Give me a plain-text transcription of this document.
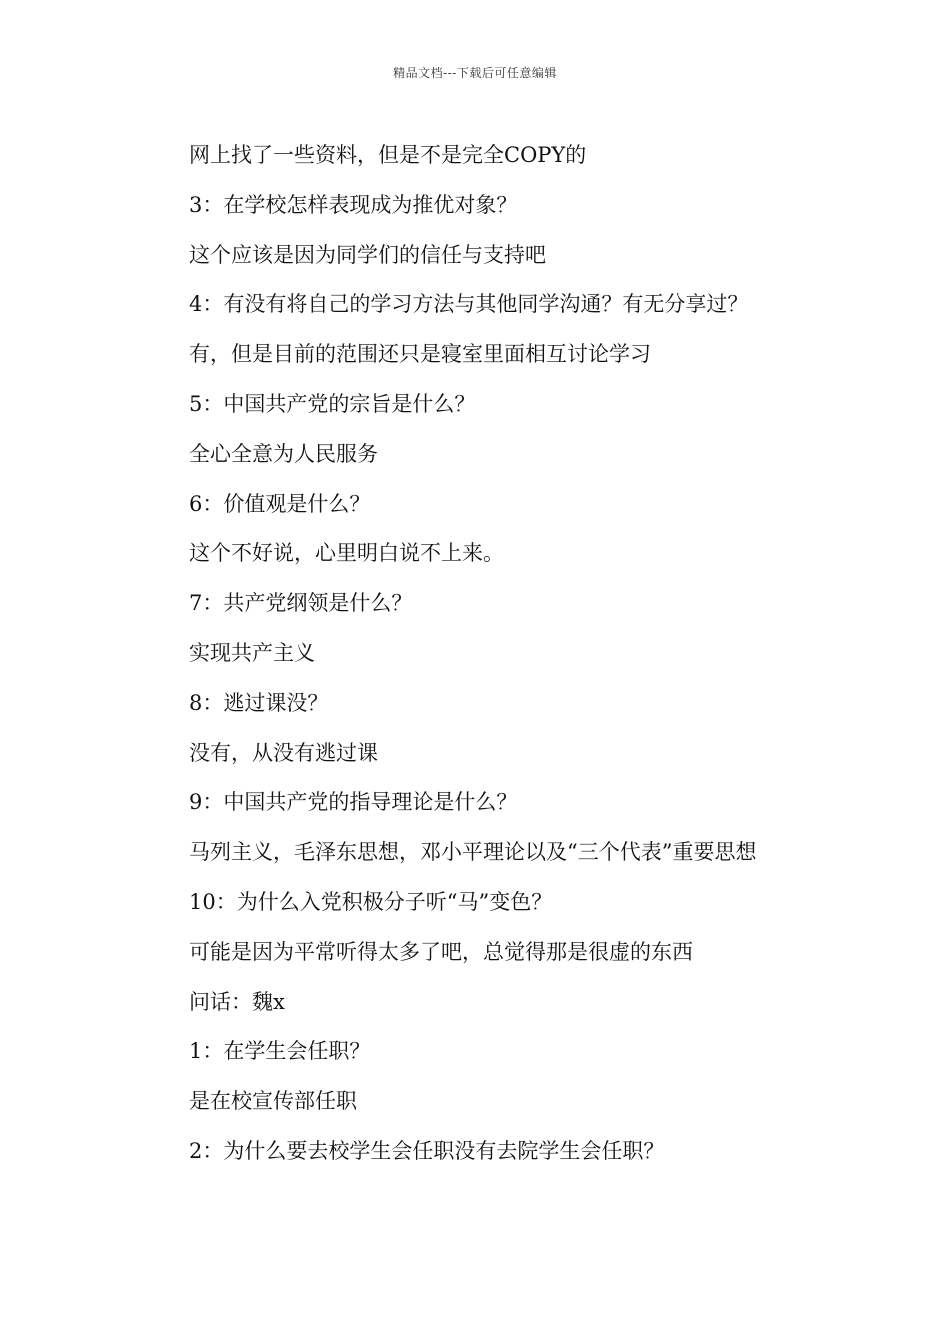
精品文档---下载后可任意编辑

网上找了一些资料，但是不是完全COPY的

3：在学校怎样表现成为推优对象？

这个应该是因为同学们的信任与支持吧

4：有没有将自己的学习方法与其他同学沟通？有无分享过？

有，但是目前的范围还只是寝室里面相互讨论学习

5：中国共产党的宗旨是什么？

全心全意为人民服务

6：价值观是什么？

这个不好说，心里明白说不上来。

7：共产党纲领是什么？

实现共产主义

8：逃过课没？

没有，从没有逃过课

9：中国共产党的指导理论是什么？

马列主义，毛泽东思想，邓小平理论以及“三个代表”重要思想

10：为什么入党积极分子听“马”变色？

可能是因为平常听得太多了吧，总觉得那是很虚的东西

问话：魏x

1：在学生会任职？

是在校宣传部任职

2：为什么要去校学生会任职没有去院学生会任职？
